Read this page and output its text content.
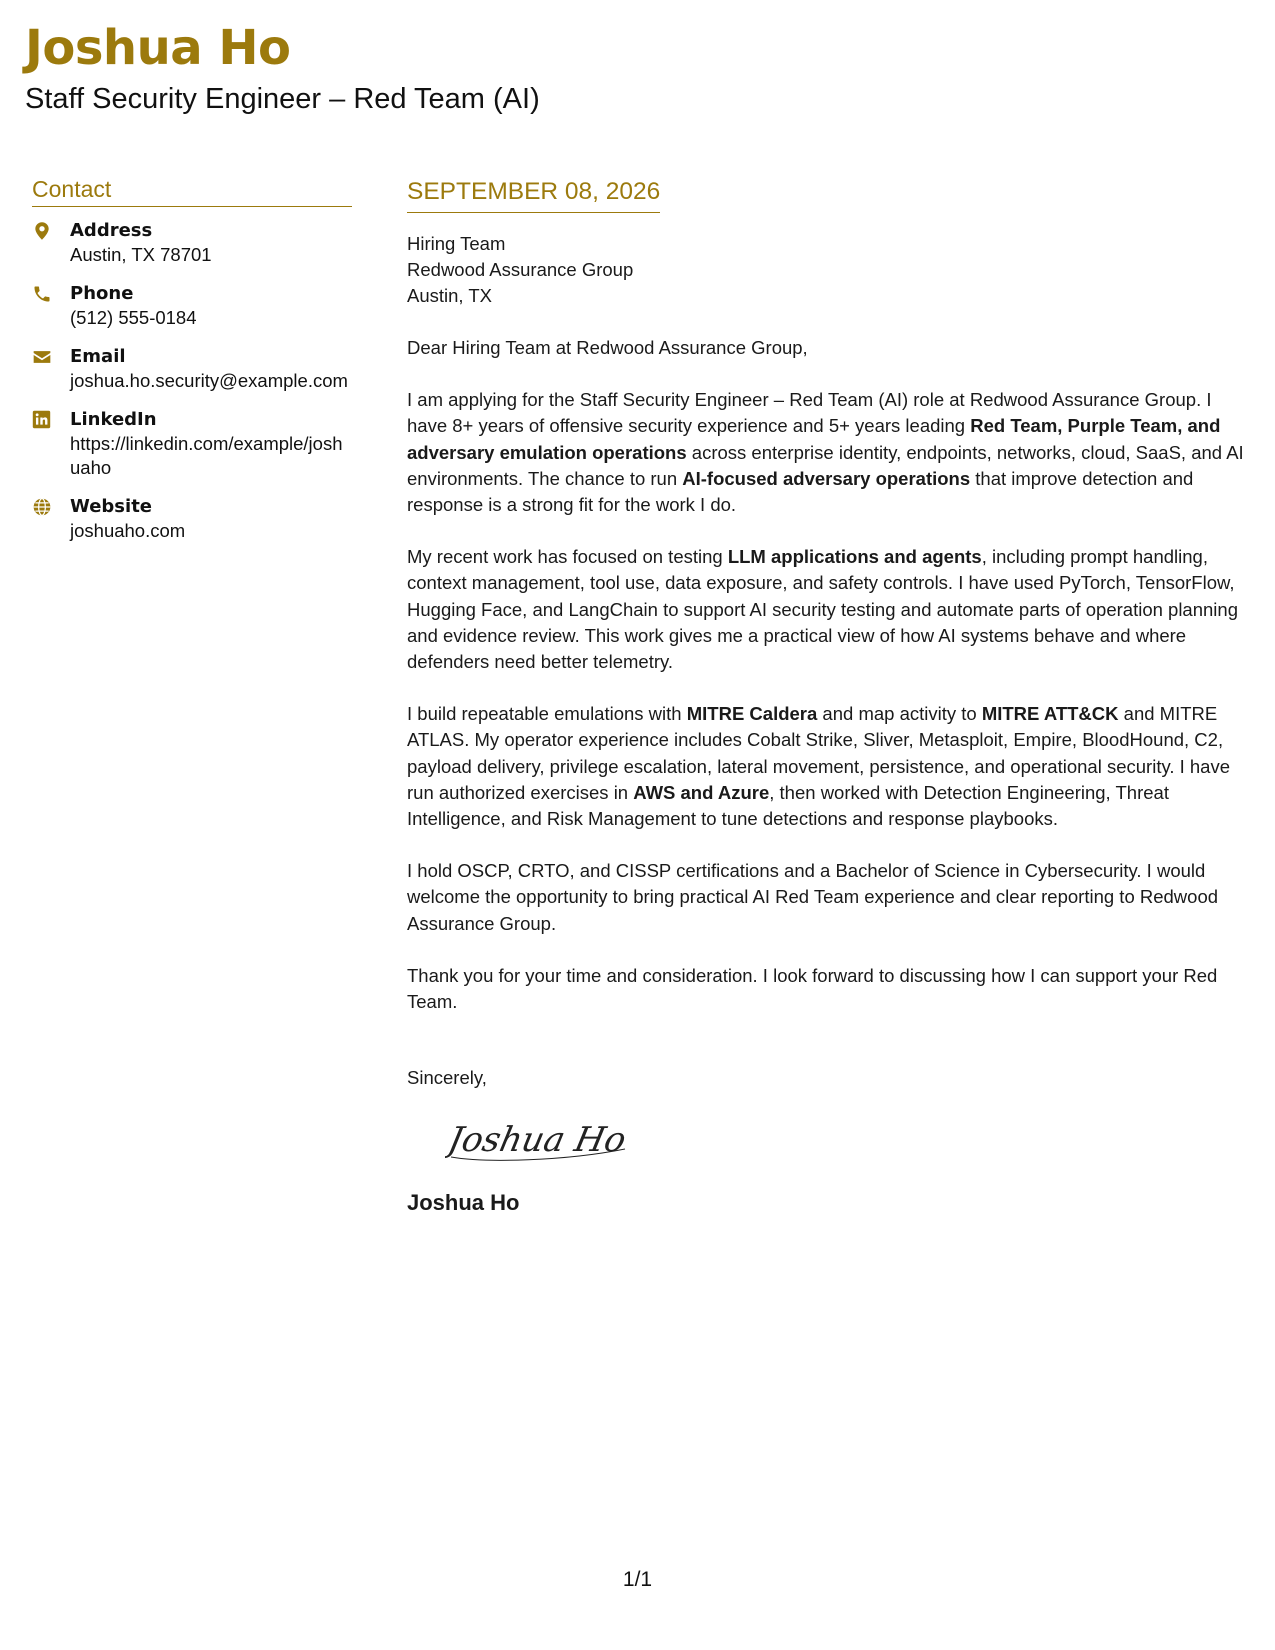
Joshua Ho
Staff Security Engineer – Red Team (AI)
Contact
Address
Austin, TX 78701
Phone
(512) 555-0184
Email
joshua.ho.security@example.com
LinkedIn
https://linkedin.com/example/joshuaho
Website
joshuaho.com
SEPTEMBER 08, 2026
Hiring Team
Redwood Assurance Group
Austin, TX

Dear Hiring Team at Redwood Assurance Group,

I am applying for the Staff Security Engineer – Red Team (AI) role at Redwood Assurance Group. I have 8+ years of offensive security experience and 5+ years leading Red Team, Purple Team, and adversary emulation operations across enterprise identity, endpoints, networks, cloud, SaaS, and AI environments. The chance to run AI-focused adversary operations that improve detection and response is a strong fit for the work I do.

My recent work has focused on testing LLM applications and agents, including prompt handling, context management, tool use, data exposure, and safety controls. I have used PyTorch, TensorFlow, Hugging Face, and LangChain to support AI security testing and automate parts of operation planning and evidence review. This work gives me a practical view of how AI systems behave and where defenders need better telemetry.

I build repeatable emulations with MITRE Caldera and map activity to MITRE ATT&CK and MITRE ATLAS. My operator experience includes Cobalt Strike, Sliver, Metasploit, Empire, BloodHound, C2, payload delivery, privilege escalation, lateral movement, persistence, and operational security. I have run authorized exercises in AWS and Azure, then worked with Detection Engineering, Threat Intelligence, and Risk Management to tune detections and response playbooks.

I hold OSCP, CRTO, and CISSP certifications and a Bachelor of Science in Cybersecurity. I would welcome the opportunity to bring practical AI Red Team experience and clear reporting to Redwood Assurance Group.

Thank you for your time and consideration. I look forward to discussing how I can support your Red Team.

Sincerely,
Joshua Ho
Joshua Ho
1/1
